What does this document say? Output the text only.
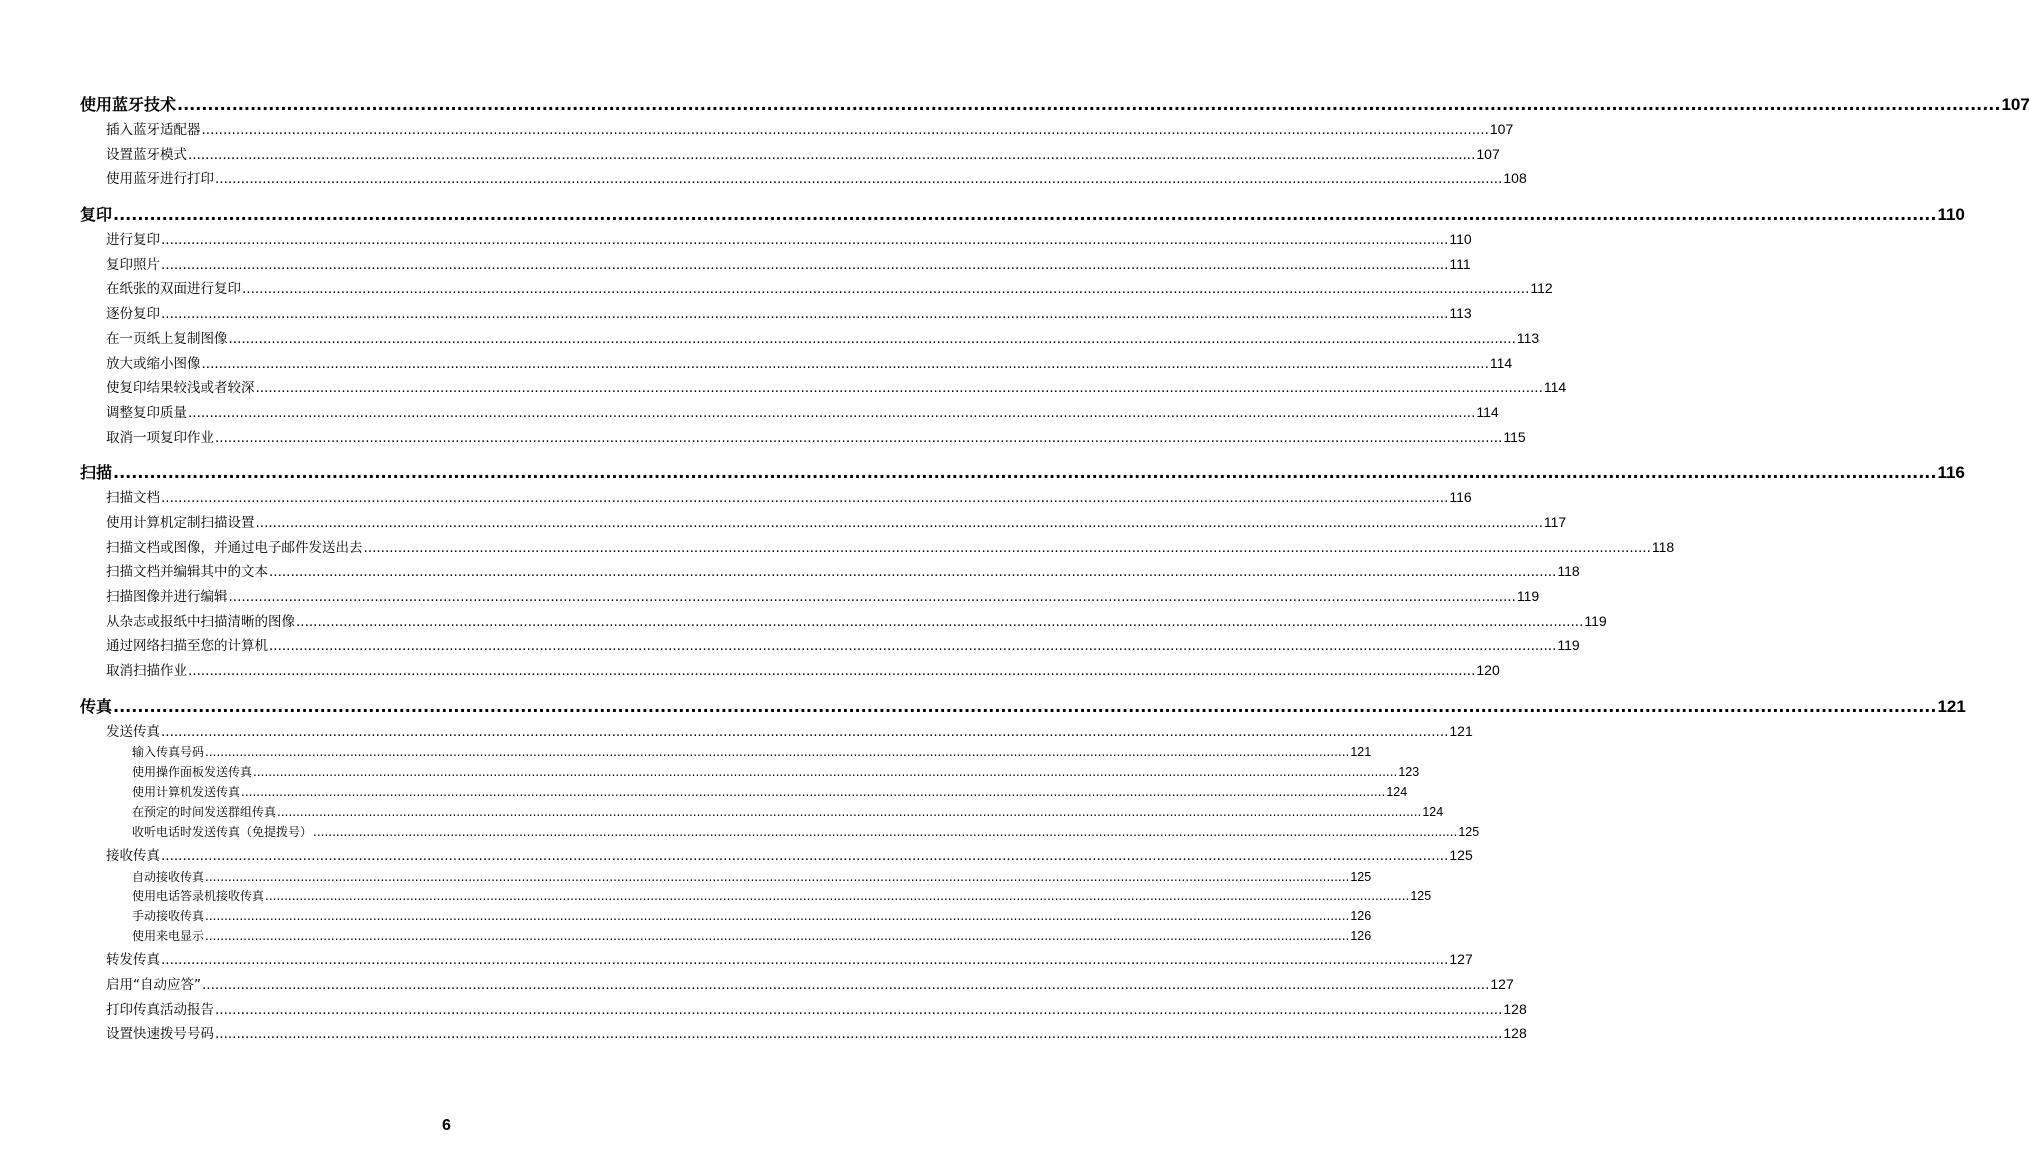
使用蓝牙技术 ............................................................................................................................................................................................................................................................................................................ 107
插入蓝牙适配器 ............................................................................................................................................................................................................................................................................................................ 107
设置蓝牙模式 ............................................................................................................................................................................................................................................................................................................ 107
使用蓝牙进行打印 ............................................................................................................................................................................................................................................................................................................ 108
复印 ............................................................................................................................................................................................................................................................................................................ 110
进行复印 ............................................................................................................................................................................................................................................................................................................ 110
复印照片 ............................................................................................................................................................................................................................................................................................................ 111
在纸张的双面进行复印 ............................................................................................................................................................................................................................................................................................................ 112
逐份复印 ............................................................................................................................................................................................................................................................................................................ 113
在一页纸上复制图像 ............................................................................................................................................................................................................................................................................................................ 113
放大或缩小图像 ............................................................................................................................................................................................................................................................................................................ 114
使复印结果较浅或者较深 ............................................................................................................................................................................................................................................................................................................ 114
调整复印质量 ............................................................................................................................................................................................................................................................................................................ 114
取消一项复印作业 ............................................................................................................................................................................................................................................................................................................ 115
扫描 ............................................................................................................................................................................................................................................................................................................ 116
扫描文档 ............................................................................................................................................................................................................................................................................................................ 116
使用计算机定制扫描设置 ............................................................................................................................................................................................................................................................................................................ 117
扫描文档或图像，并通过电子邮件发送出去 ............................................................................................................................................................................................................................................................................................................ 118
扫描文档并编辑其中的文本 ............................................................................................................................................................................................................................................................................................................ 118
扫描图像并进行编辑 ............................................................................................................................................................................................................................................................................................................ 119
从杂志或报纸中扫描清晰的图像 ............................................................................................................................................................................................................................................................................................................ 119
通过网络扫描至您的计算机 ............................................................................................................................................................................................................................................................................................................ 119
取消扫描作业 ............................................................................................................................................................................................................................................................................................................ 120
传真 ............................................................................................................................................................................................................................................................................................................ 121
发送传真 ............................................................................................................................................................................................................................................................................................................ 121
输入传真号码 ............................................................................................................................................................................................................................................................................................................ 121
使用操作面板发送传真 ............................................................................................................................................................................................................................................................................................................ 123
使用计算机发送传真 ............................................................................................................................................................................................................................................................................................................ 124
在预定的时间发送群组传真 ............................................................................................................................................................................................................................................................................................................ 124
收听电话时发送传真（免提拨号） ............................................................................................................................................................................................................................................................................................................ 125
接收传真 ............................................................................................................................................................................................................................................................................................................ 125
自动接收传真 ............................................................................................................................................................................................................................................................................................................ 125
使用电话答录机接收传真 ............................................................................................................................................................................................................................................................................................................ 125
手动接收传真 ............................................................................................................................................................................................................................................................................................................ 126
使用来电显示 ............................................................................................................................................................................................................................................................................................................ 126
转发传真 ............................................................................................................................................................................................................................................................................................................ 127
启用“自动应答” ............................................................................................................................................................................................................................................................................................................ 127
打印传真活动报告 ............................................................................................................................................................................................................................................................................................................ 128
设置快速拨号号码 ............................................................................................................................................................................................................................................................................................................ 128
6
